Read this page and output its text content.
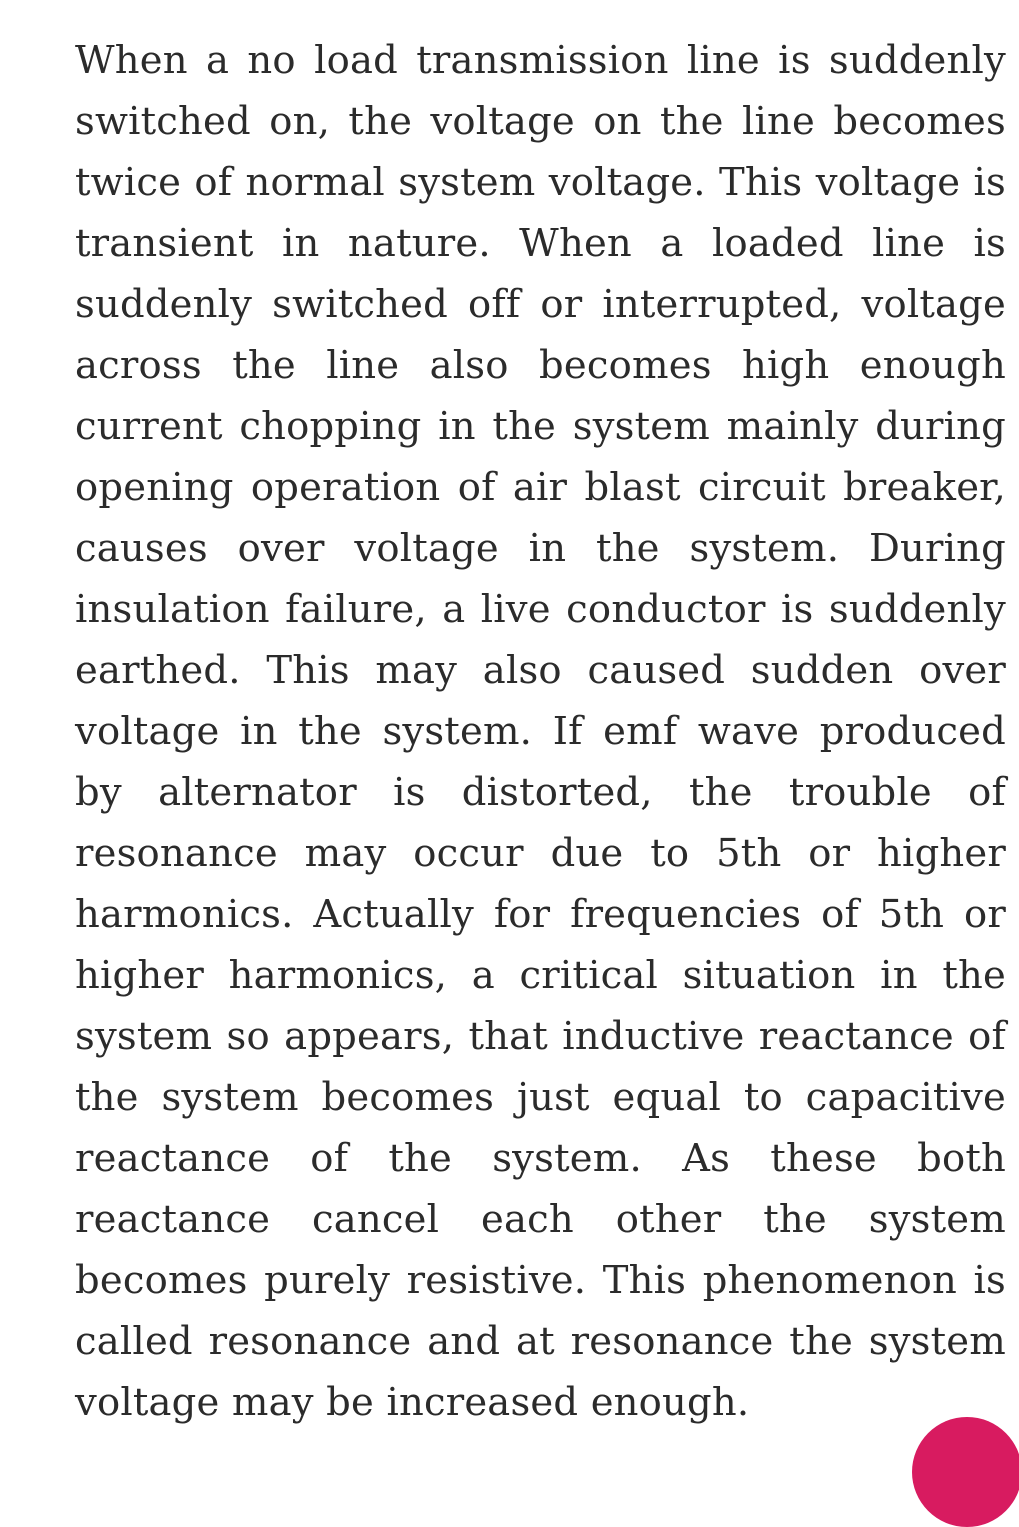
When a no load transmission line is suddenly switched on, the voltage on the line becomes twice of normal system voltage. This voltage is transient in nature. When a loaded line is suddenly switched off or interrupted, voltage across the line also becomes high enough current chopping in the system mainly during opening operation of air blast circuit breaker, causes over voltage in the system. During insulation failure, a live conductor is suddenly earthed. This may also caused sudden over voltage in the system. If emf wave produced by alternator is distorted, the trouble of resonance may occur due to 5th or higher harmonics. Actually for frequencies of 5th or higher harmonics, a critical situation in the system so appears, that inductive reactance of the system becomes just equal to capacitive reactance of the system. As these both reactance cancel each other the system becomes purely resistive. This phenomenon is called resonance and at resonance the system voltage may be increased enough.
